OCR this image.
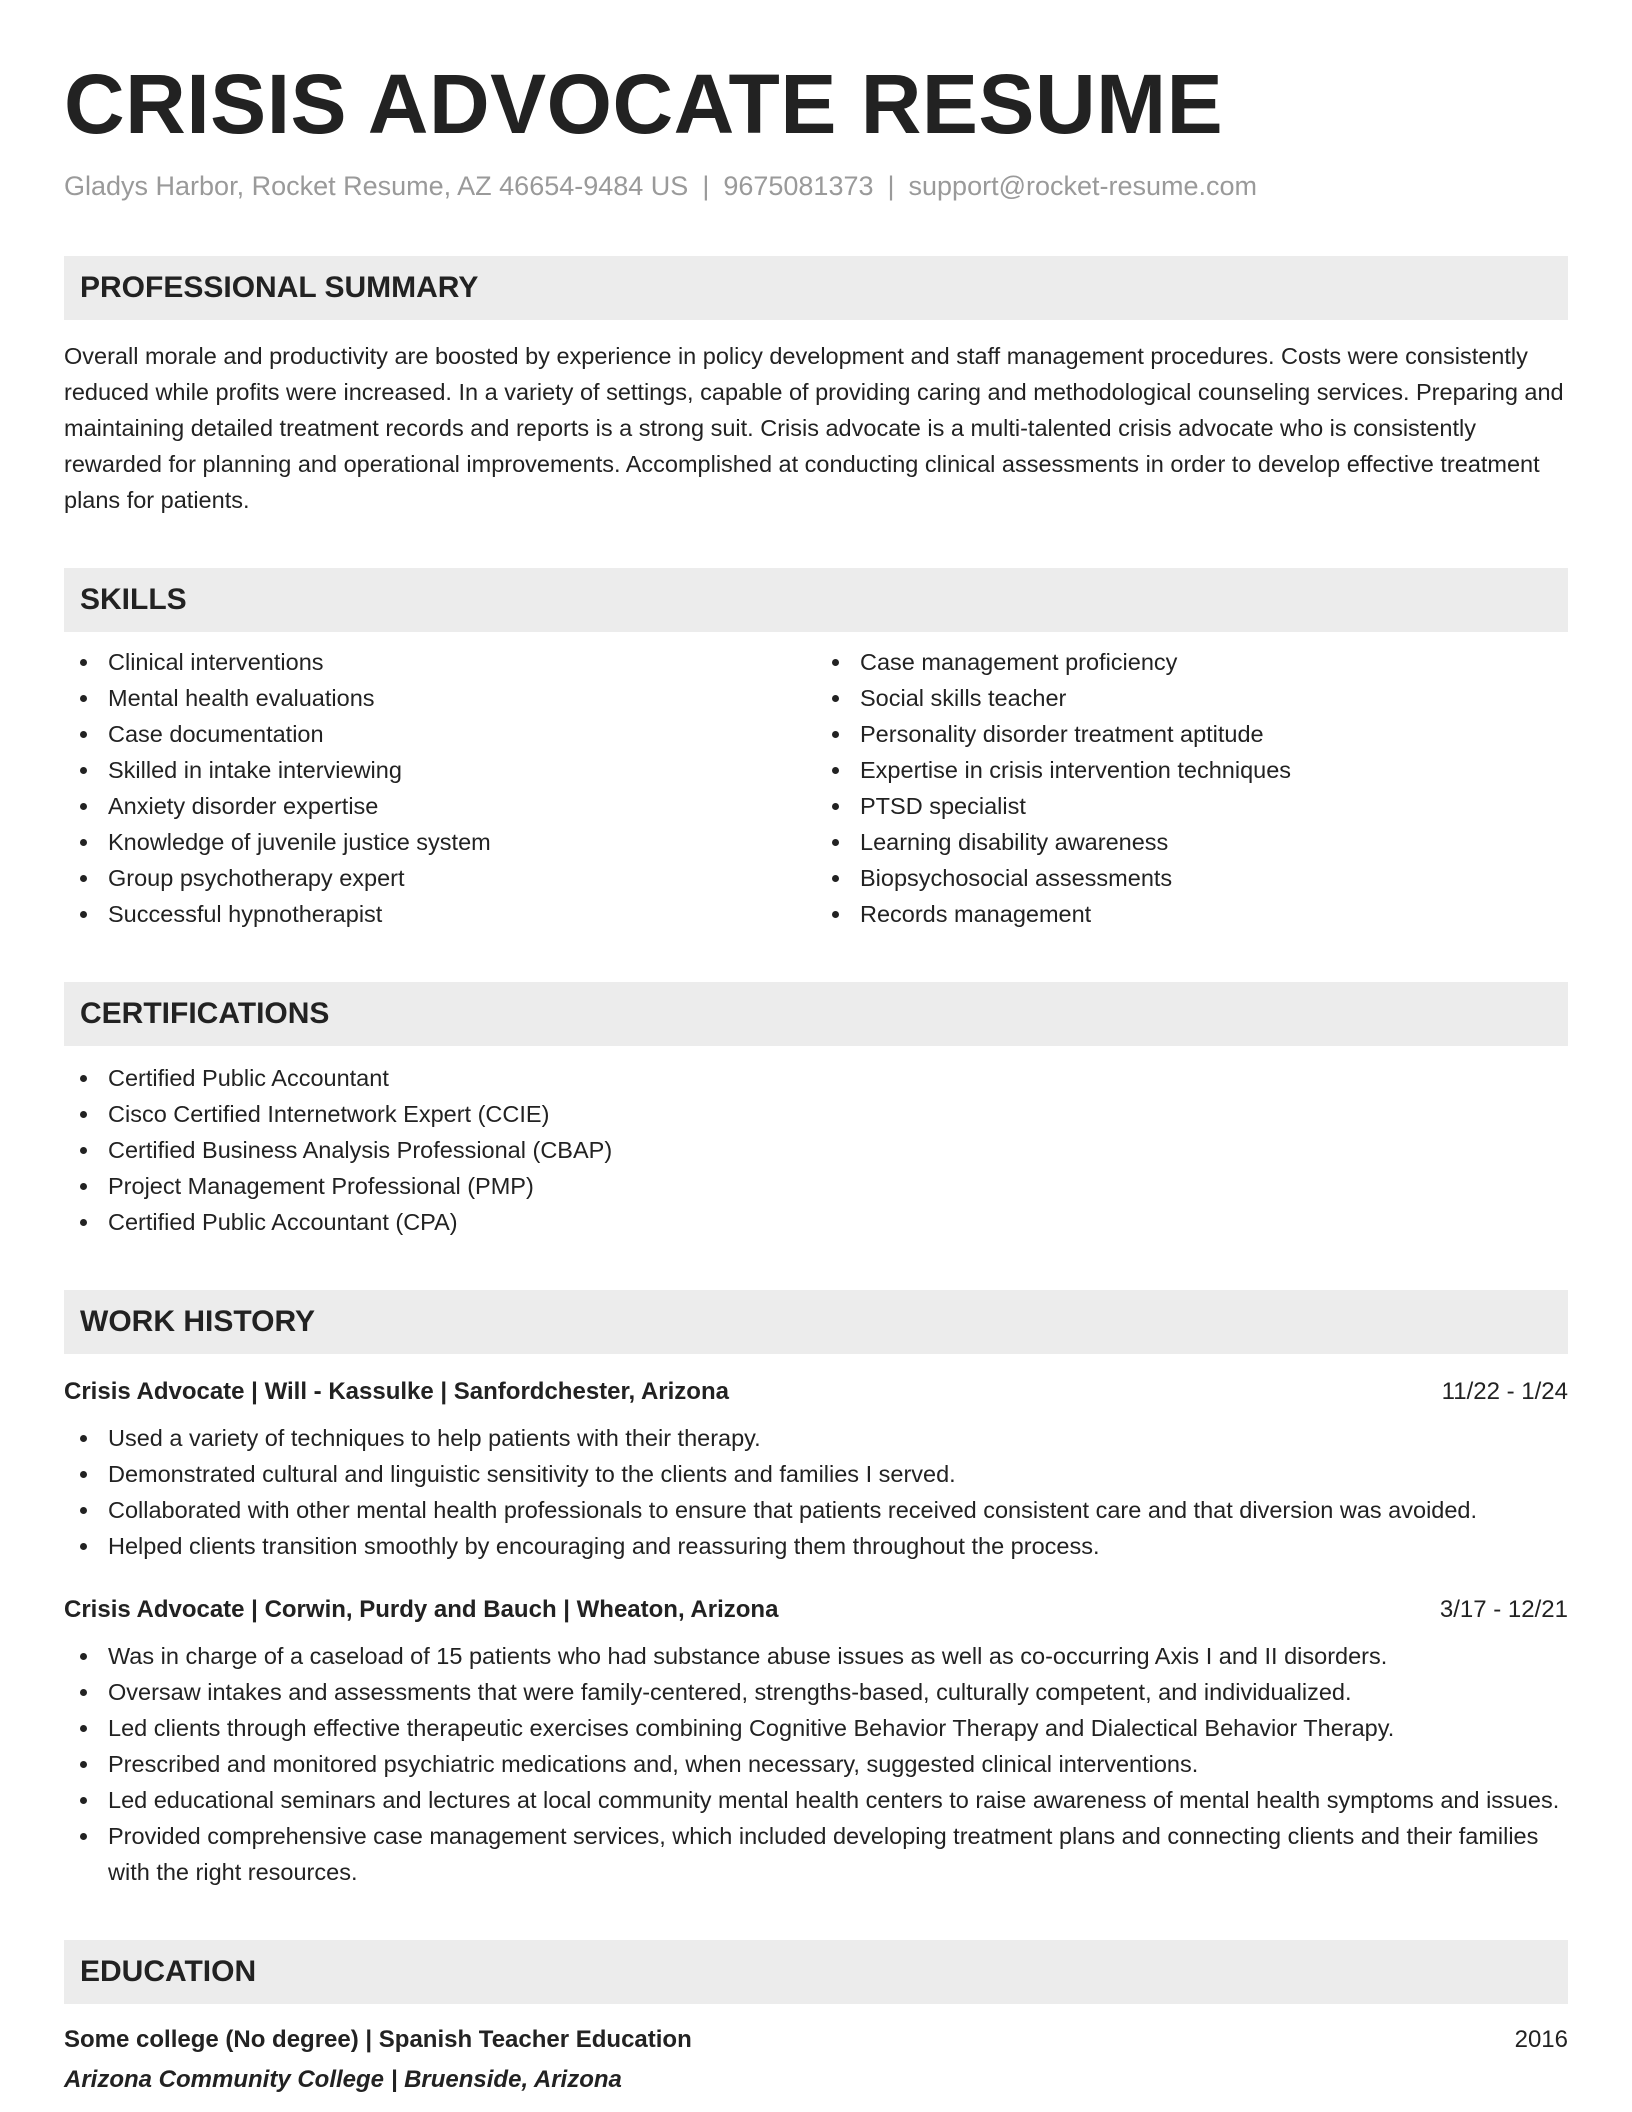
CRISIS ADVOCATE RESUME
Gladys Harbor, Rocket Resume, AZ 46654-9484 US | 9675081373 | support@rocket-resume.com
PROFESSIONAL SUMMARY

Overall morale and productivity are boosted by experience in policy development and staff management procedures. Costs were consistently reduced while profits were increased. In a variety of settings, capable of providing caring and methodological counseling services. Preparing and maintaining detailed treatment records and reports is a strong suit. Crisis advocate is a multi-talented crisis advocate who is consistently rewarded for planning and operational improvements. Accomplished at conducting clinical assessments in order to develop effective treatment plans for patients.

SKILLS
Clinical interventions
Mental health evaluations
Case documentation
Skilled in intake interviewing
Anxiety disorder expertise
Knowledge of juvenile justice system
Group psychotherapy expert
Successful hypnotherapist
Case management proficiency
Social skills teacher
Personality disorder treatment aptitude
Expertise in crisis intervention techniques
PTSD specialist
Learning disability awareness
Biopsychosocial assessments
Records management
CERTIFICATIONS
Certified Public Accountant
Cisco Certified Internetwork Expert (CCIE)
Certified Business Analysis Professional (CBAP)
Project Management Professional (PMP)
Certified Public Accountant (CPA)
WORK HISTORY
Crisis Advocate | Will - Kassulke | Sanfordchester, Arizona	11/22 - 1/24
Used a variety of techniques to help patients with their therapy.
Demonstrated cultural and linguistic sensitivity to the clients and families I served.
Collaborated with other mental health professionals to ensure that patients received consistent care and that diversion was avoided.
Helped clients transition smoothly by encouraging and reassuring them throughout the process.
Crisis Advocate | Corwin, Purdy and Bauch | Wheaton, Arizona	3/17 - 12/21
Was in charge of a caseload of 15 patients who had substance abuse issues as well as co-occurring Axis I and II disorders.
Oversaw intakes and assessments that were family-centered, strengths-based, culturally competent, and individualized.
Led clients through effective therapeutic exercises combining Cognitive Behavior Therapy and Dialectical Behavior Therapy.
Prescribed and monitored psychiatric medications and, when necessary, suggested clinical interventions.
Led educational seminars and lectures at local community mental health centers to raise awareness of mental health symptoms and issues.
Provided comprehensive case management services, which included developing treatment plans and connecting clients and their families with the right resources.
EDUCATION
Some college (No degree) | Spanish Teacher Education	2016
Arizona Community College | Bruenside, Arizona
